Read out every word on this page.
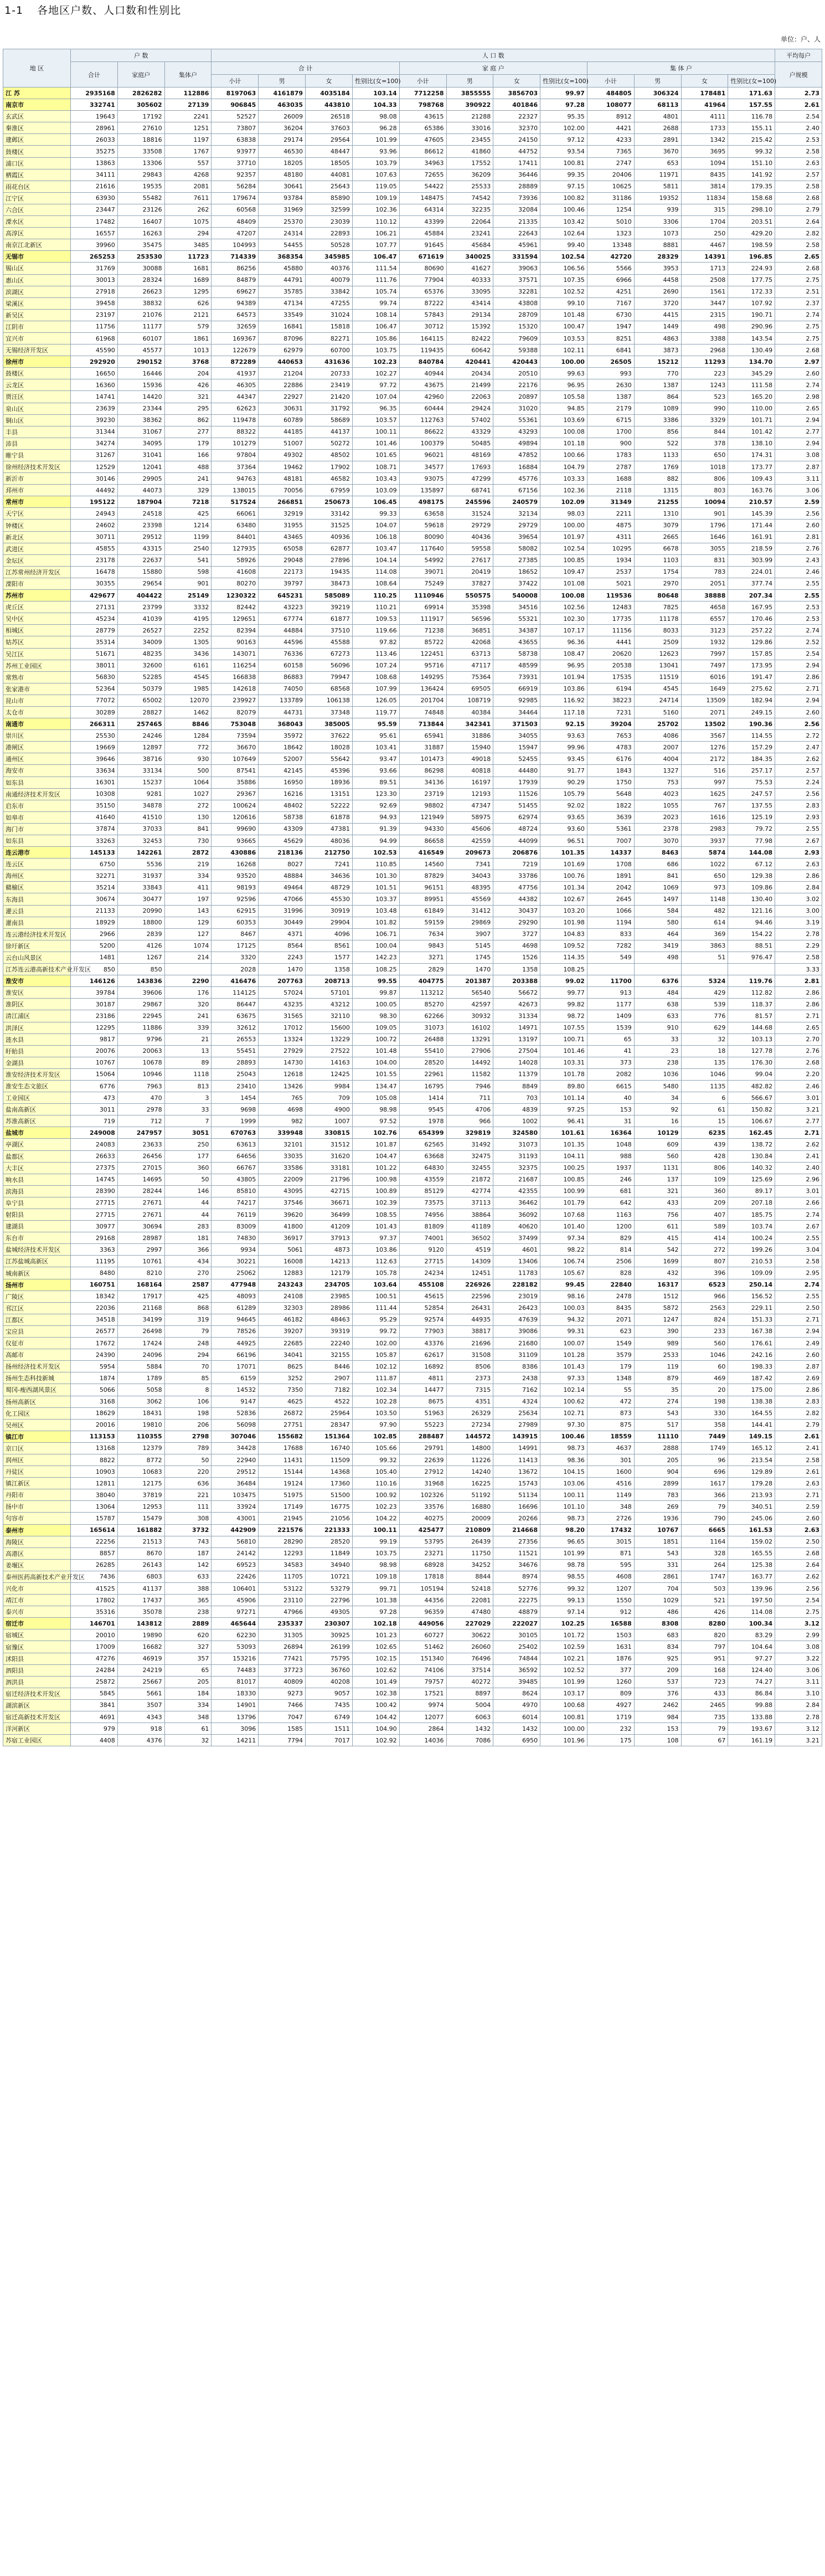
1-1 各地区户数、人口数和性别比
单位：户、人
地 区	户 数			人 口 数												平均每户
	合计	家庭户	集体户	合 计				家 庭 户				集 体 户				户规模
				小计	男	女	性别比(女=100)	小计	男	女	性别比(女=100)	小计	男	女	性别比(女=100)	
江 苏	2935168	2826282	112886	8197063	4161879	4035184	103.14	7712258	3855555	3856703	99.97	484805	306324	178481	171.63	2.73
南京市	332741	305602	27139	906845	463035	443810	104.33	798768	390922	401846	97.28	108077	68113	41964	157.55	2.61
玄武区	19643	17192	2241	52527	26009	26518	98.08	43615	21288	22327	95.35	8912	4801	4111	116.78	2.54
秦淮区	28961	27610	1251	73807	36204	37603	96.28	65386	33016	32370	102.00	4421	2688	1733	155.11	2.40
建邺区	26033	18816	1197	63838	29174	29564	101.99	47605	23455	24150	97.12	4233	2891	1342	215.42	2.53
鼓楼区	35275	33508	1767	93977	46530	48447	93.96	86612	41860	44752	93.54	7365	3670	3695	99.32	2.58
浦口区	13863	13306	557	37710	18205	18505	103.79	34963	17552	17411	100.81	2747	653	1094	151.10	2.63
栖霞区	34111	29843	4268	92357	48180	44081	107.63	72655	36209	36446	99.35	20406	11971	8435	141.92	2.57
雨花台区	21616	19535	2081	56284	30641	25643	119.05	54422	25533	28889	97.15	10625	5811	3814	179.35	2.58
江宁区	63930	55482	7611	179674	93784	85890	109.19	148475	74542	73936	100.82	31186	19352	11834	158.68	2.68
六合区	23447	23126	262	60568	31969	32599	102.36	64314	32235	32084	100.46	1254	939	315	298.10	2.79
溧水区	17482	16407	1075	48409	25370	23039	110.12	43399	22064	21335	103.42	5010	3306	1704	203.51	2.64
高淳区	16557	16263	294	47207	24314	22893	106.21	45884	23241	22643	102.64	1323	1073	250	429.20	2.82
南京江北新区	39960	35475	3485	104993	54455	50528	107.77	91645	45684	45961	99.40	13348	8881	4467	198.59	2.58
无锡市	265253	253530	11723	714339	368354	345985	106.47	671619	340025	331594	102.54	42720	28329	14391	196.85	2.65
锡山区	31769	30088	1681	86256	45880	40376	111.54	80690	41627	39063	106.56	5566	3953	1713	224.93	2.68
惠山区	30013	28324	1689	84879	44791	40079	111.76	77904	40333	37571	107.35	6966	4458	2508	177.75	2.75
滨湖区	27918	26623	1295	69627	35785	33842	105.74	65376	33095	32281	102.52	4251	2690	1561	172.33	2.51
梁溪区	39458	38832	626	94389	47134	47255	99.74	87222	43414	43808	99.10	7167	3720	3447	107.92	2.37
新吴区	23197	21076	2121	64573	33549	31024	108.14	57843	29134	28709	101.48	6730	4415	2315	190.71	2.74
江阴市	11756	11177	579	32659	16841	15818	106.47	30712	15392	15320	100.47	1947	1449	498	290.96	2.75
宜兴市	61968	60107	1861	169367	87096	82271	105.86	164115	82422	79609	103.53	8251	4863	3388	143.54	2.75
无锡经济开发区	45590	45577	1013	122679	62979	60700	103.75	119435	60642	59388	102.11	6841	3873	2968	130.49	2.68
徐州市	292920	290152	3768	872289	440653	431636	102.23	840784	420441	420443	100.00	26505	15212	11293	134.70	2.97
鼓楼区	16650	16446	204	41937	21204	20733	102.27	40944	20434	20510	99.63	993	770	223	345.29	2.60
云龙区	16360	15936	426	46305	22886	23419	97.72	43675	21499	22176	96.95	2630	1387	1243	111.58	2.74
贾汪区	14741	14420	321	44347	22927	21420	107.04	42960	22063	20897	105.58	1387	864	523	165.20	2.98
泉山区	23639	23344	295	62623	30631	31792	96.35	60444	29424	31020	94.85	2179	1089	990	110.00	2.65
铜山区	39230	38362	862	119478	60789	58689	103.57	112763	57402	55361	103.69	6715	3386	3329	101.71	2.94
丰县	31344	31067	277	88322	44185	44137	100.11	86622	43329	43293	100.08	1700	856	844	101.42	2.77
沛县	34274	34095	179	101279	51007	50272	101.46	100379	50485	49894	101.18	900	522	378	138.10	2.94
睢宁县	31267	31041	166	97804	49302	48502	101.65	96021	48169	47852	100.66	1783	1133	650	174.31	3.08
徐州经济技术开发区	12529	12041	488	37364	19462	17902	108.71	34577	17693	16884	104.79	2787	1769	1018	173.77	2.87
新沂市	30146	29905	241	94763	48181	46582	103.43	93075	47299	45776	103.33	1688	882	806	109.43	3.11
邳州市	44492	44073	329	138015	70056	67959	103.09	135897	68741	67156	102.36	2118	1315	803	163.76	3.06
常州市	195122	187904	7218	517524	266851	250673	106.45	498175	245596	240579	102.09	31349	21255	10094	210.57	2.59
天宁区	24943	24518	425	66061	32919	33142	99.33	63658	31524	32134	98.03	2211	1310	901	145.39	2.56
钟楼区	24602	23398	1214	63480	31955	31525	104.07	59618	29729	29729	100.00	4875	3079	1796	171.44	2.60
新北区	30711	29512	1199	84401	43465	40936	106.18	80090	40436	39654	101.97	4311	2665	1646	161.91	2.81
武进区	45855	43315	2540	127935	65058	62877	103.47	117640	59558	58082	102.54	10295	6678	3055	218.59	2.76
金坛区	23178	22637	541	58926	29048	27896	104.14	54992	27617	27385	100.85	1934	1103	831	303.99	2.43
江苏常州经济开发区	16478	15880	598	41608	22173	19435	114.08	39071	20419	18652	109.47	2537	1754	783	224.01	2.46
溧阳市	30355	29654	901	80270	39797	38473	108.64	75249	37827	37422	101.08	5021	2970	2051	377.74	2.55
苏州市	429677	404422	25149	1230322	645231	585089	110.25	1110946	550575	540008	100.08	119536	80648	38888	207.34	2.55
虎丘区	27131	23799	3332	82442	43223	39219	110.21	69914	35398	34516	102.56	12483	7825	4658	167.95	2.53
吴中区	45234	41039	4195	129651	67774	61877	109.53	111917	56596	55321	102.30	17735	11178	6557	170.46	2.53
相城区	28779	26527	2252	82394	44884	37510	119.66	71238	36851	34387	107.17	11156	8033	3123	257.22	2.74
姑苏区	35314	34009	1305	90163	44596	45588	97.82	85722	42068	43655	96.36	4441	2509	1932	129.86	2.52
吴江区	51671	48235	3436	143071	76336	67273	113.46	122451	63713	58738	108.47	20620	12623	7997	157.85	2.54
苏州工业园区	38011	32600	6161	116254	60158	56096	107.24	95716	47117	48599	96.95	20538	13041	7497	173.95	2.94
常熟市	56830	52285	4545	166838	86883	79947	108.68	149295	75364	73931	101.94	17535	11519	6016	191.47	2.86
张家港市	52364	50379	1985	142618	74050	68568	107.99	136424	69505	66919	103.86	6194	4545	1649	275.62	2.71
昆山市	77072	65002	12070	239927	133789	106138	126.05	201704	108719	92985	116.92	38223	24714	13509	182.94	2.94
太仓市	30289	28827	1462	82079	44731	37348	119.77	74848	40384	34464	117.18	7231	5160	2071	249.15	2.60
南通市	266311	257465	8846	753048	368043	385005	95.59	713844	342341	371503	92.15	39204	25702	13502	190.36	2.56
崇川区	25530	24246	1284	73594	35972	37622	95.61	65941	31886	34055	93.63	7653	4086	3567	114.55	2.72
港闸区	19669	12897	772	36670	18642	18028	103.41	31887	15940	15947	99.96	4783	2007	1276	157.29	2.47
通州区	39646	38716	930	107649	52007	55642	93.47	101473	49018	52455	93.45	6176	4004	2172	184.35	2.62
海安市	33634	33134	500	87541	42145	45396	93.66	86298	40818	44480	91.77	1843	1327	516	257.17	2.57
如东县	16301	15237	1064	35886	16950	18936	89.51	34136	16197	17939	90.29	1750	753	997	75.53	2.24
南通经济技术开发区	10308	9281	1027	29367	16216	13151	123.30	23719	12193	11526	105.79	5648	4023	1625	247.57	2.56
启东市	35150	34878	272	100624	48402	52222	92.69	98802	47347	51455	92.02	1822	1055	767	137.55	2.83
如皋市	41640	41510	130	120616	58738	61878	94.93	121949	58975	62974	93.65	3639	2023	1616	125.19	2.93
海门市	37874	37033	841	99690	43309	47381	91.39	94330	45606	48724	93.60	5361	2378	2983	79.72	2.55
如东县	33263	32453	730	93665	45629	48036	94.99	86658	42559	44099	96.51	7007	3070	3937	77.98	2.67
连云港市	145133	142261	2872	430886	218136	212750	102.53	416549	209673	206876	101.35	14337	8463	5874	144.08	2.93
连云区	6750	5536	219	16268	8027	7241	110.85	14560	7341	7219	101.69	1708	686	1022	67.12	2.63
海州区	32271	31937	334	93520	48884	34636	101.30	87829	34043	33786	100.76	1891	841	650	129.38	2.86
赣榆区	35214	33843	411	98193	49464	48729	101.51	96151	48395	47756	101.34	2042	1069	973	109.86	2.84
东海县	30674	30477	197	92596	47066	45530	103.37	89951	45569	44382	102.67	2645	1497	1148	130.40	3.02
灌云县	21133	20990	143	62915	31996	30919	103.48	61849	31412	30437	103.20	1066	584	482	121.16	3.00
灌南县	18929	18800	129	60353	30449	29904	101.82	59159	29869	29290	101.98	1194	580	614	94.46	3.19
连云港经济技术开发区	2966	2839	127	8467	4371	4096	106.71	7634	3907	3727	104.83	833	464	369	154.22	2.78
徐圩新区	5200	4126	1074	17125	8564	8561	100.04	9843	5145	4698	109.52	7282	3419	3863	88.51	2.29
云台山风景区	1481	1267	214	3320	2243	1577	142.23	3271	1745	1526	114.35	549	498	51	976.47	2.58
江苏连云港高新技术产业开发区	850	850		2028	1470	1358	108.25	2829	1470	1358	108.25					3.33
淮安市	146126	143836	2290	416476	207763	208713	99.55	404775	201387	203388	99.02	11700	6376	5324	119.76	2.81
淮安区	39784	39606	176	114125	57024	57101	99.87	113212	56540	56672	99.77	913	484	429	112.82	2.86
淮阴区	30187	29867	320	86447	43235	43212	100.05	85270	42597	42673	99.82	1177	638	539	118.37	2.86
清江浦区	23186	22945	241	63675	31565	32110	98.30	62266	30932	31334	98.72	1409	633	776	81.57	2.71
洪泽区	12295	11886	339	32612	17012	15600	109.05	31073	16102	14971	107.55	1539	910	629	144.68	2.65
涟水县	9817	9796	21	26553	13324	13229	100.72	26488	13291	13197	100.71	65	33	32	103.13	2.70
盱眙县	20076	20063	13	55451	27929	27522	101.48	55410	27906	27504	101.46	41	23	18	127.78	2.76
金湖县	10767	10678	89	28893	14730	14163	104.00	28520	14492	14028	103.31	373	238	135	176.30	2.68
淮安经济技术开发区	15064	10946	1118	25043	12618	12425	101.55	22961	11582	11379	101.78	2082	1036	1046	99.04	2.20
淮安生态文旅区	6776	7963	813	23410	13426	9984	134.47	16795	7946	8849	89.80	6615	5480	1135	482.82	2.46
工业园区	473	470	3	1454	765	709	105.08	1414	711	703	101.14	40	34	6	566.67	3.01
盐南高新区	3011	2978	33	9698	4698	4900	98.98	9545	4706	4839	97.25	153	92	61	150.82	3.21
苏淮高新区	719	712	7	1999	982	1007	97.52	1978	966	1002	96.41	31	16	15	106.67	2.77
盐城市	249008	247957	3051	670763	339948	330815	102.76	654399	329819	324580	101.61	16364	10129	6235	162.45	2.71
亭湖区	24083	23633	250	63613	32101	31512	101.87	62565	31492	31073	101.35	1048	609	439	138.72	2.62
盐都区	26633	26456	177	64656	33035	31620	104.47	63668	32475	31193	104.11	988	560	428	130.84	2.41
大丰区	27375	27015	360	66767	33586	33181	101.22	64830	32455	32375	100.25	1937	1131	806	140.32	2.40
响水县	14745	14695	50	43805	22009	21796	100.98	43559	21872	21687	100.85	246	137	109	125.69	2.96
滨海县	28390	28244	146	85810	43095	42715	100.89	85129	42774	42355	100.99	681	321	360	89.17	3.01
阜宁县	27715	27671	44	74217	37546	36671	102.39	73575	37113	36462	101.79	642	433	209	207.18	2.66
射阳县	27715	27671	44	76119	39620	36499	108.55	74956	38864	36092	107.68	1163	756	407	185.75	2.74
建湖县	30977	30694	283	83009	41800	41209	101.43	81809	41189	40620	101.40	1200	611	589	103.74	2.67
东台市	29168	28987	181	74830	36917	37913	97.37	74001	36502	37499	97.34	829	415	414	100.24	2.55
盐城经济技术开发区	3363	2997	366	9934	5061	4873	103.86	9120	4519	4601	98.22	814	542	272	199.26	3.04
江苏盐城高新区	11195	10761	434	30221	16008	14213	112.63	27715	14309	13406	106.74	2506	1699	807	210.53	2.58
城南新区	8480	8210	270	25062	12883	12179	105.78	24234	12451	11783	105.67	828	432	396	109.09	2.95
扬州市	160751	168164	2587	477948	243243	234705	103.64	455108	226926	228182	99.45	22840	16317	6523	250.14	2.74
广陵区	18342	17917	425	48093	24108	23985	100.51	45615	22596	23019	98.16	2478	1512	966	156.52	2.55
邗江区	22036	21168	868	61289	32303	28986	111.44	52854	26431	26423	100.03	8435	5872	2563	229.11	2.50
江都区	34518	34199	319	94645	46182	48463	95.29	92574	44935	47639	94.32	2071	1247	824	151.33	2.71
宝应县	26577	26498	79	78526	39207	39319	99.72	77903	38817	39086	99.31	623	390	233	167.38	2.94
仪征市	17672	17424	248	44925	22685	22240	102.00	43376	21696	21680	100.07	1549	989	560	176.61	2.49
高邮市	24390	24096	294	66196	34041	32155	105.87	62617	31508	31109	101.28	3579	2533	1046	242.16	2.60
扬州经济技术开发区	5954	5884	70	17071	8625	8446	102.12	16892	8506	8386	101.43	179	119	60	198.33	2.87
扬州生态科技新城	1874	1789	85	6159	3252	2907	111.87	4811	2373	2438	97.33	1348	879	469	187.42	2.69
蜀冈-瘦西湖风景区	5066	5058	8	14532	7350	7182	102.34	14477	7315	7162	102.14	55	35	20	175.00	2.86
扬州高新区	3168	3062	106	9147	4625	4522	102.28	8675	4351	4324	100.62	472	274	198	138.38	2.83
化工园区	18629	18431	198	52836	26872	25964	103.50	51963	26329	25634	102.71	873	543	330	164.55	2.82
吴州区	20016	19810	206	56098	27751	28347	97.90	55223	27234	27989	97.30	875	517	358	144.41	2.79
镇江市	113153	110355	2798	307046	155682	151364	102.85	288487	144572	143915	100.46	18559	11110	7449	149.15	2.61
京口区	13168	12379	789	34428	17688	16740	105.66	29791	14800	14991	98.73	4637	2888	1749	165.12	2.41
润州区	8822	8772	50	22940	11431	11509	99.32	22639	11226	11413	98.36	301	205	96	213.54	2.58
丹徒区	10903	10683	220	29512	15144	14368	105.40	27912	14240	13672	104.15	1600	904	696	129.89	2.61
镇江新区	12811	12175	636	36484	19124	17360	110.16	31968	16225	15743	103.06	4516	2899	1617	179.28	2.63
丹阳市	38040	37819	221	103475	51975	51500	100.92	102326	51192	51134	100.11	1149	783	366	213.93	2.71
扬中市	13064	12953	111	33924	17149	16775	102.23	33576	16880	16696	101.10	348	269	79	340.51	2.59
句容市	15787	15479	308	43001	21945	21056	104.22	40275	20009	20266	98.73	2726	1936	790	245.06	2.60
泰州市	165614	161882	3732	442909	221576	221333	100.11	425477	210809	214668	98.20	17432	10767	6665	161.53	2.63
海陵区	22256	21513	743	56810	28290	28520	99.19	53795	26439	27356	96.65	3015	1851	1164	159.02	2.50
高港区	8857	8670	187	24142	12293	11849	103.75	23271	11750	11521	101.99	871	543	328	165.55	2.68
姜堰区	26285	26143	142	69523	34583	34940	98.98	68928	34252	34676	98.78	595	331	264	125.38	2.64
泰州医药高新技术产业开发区	7436	6803	633	22426	11705	10721	109.18	17818	8844	8974	98.55	4608	2861	1747	163.77	2.62
兴化市	41525	41137	388	106401	53122	53279	99.71	105194	52418	52776	99.32	1207	704	503	139.96	2.56
靖江市	17802	17437	365	45906	23110	22796	101.38	44356	22081	22275	99.13	1550	1029	521	197.50	2.54
泰兴市	35316	35078	238	97271	47966	49305	97.28	96359	47480	48879	97.14	912	486	426	114.08	2.75
宿迁市	146701	143812	2889	465644	235337	230307	102.18	449056	227029	222027	102.25	16588	8308	8280	100.34	3.12
宿城区	20010	19890	620	62230	31305	30925	101.23	60727	30622	30105	101.72	1503	683	820	83.29	2.99
宿豫区	17009	16682	327	53093	26894	26199	102.65	51462	26060	25402	102.59	1631	834	797	104.64	3.08
沭阳县	47276	46919	357	153216	77421	75795	102.15	151340	76496	74844	102.21	1876	925	951	97.27	3.22
泗阳县	24284	24219	65	74483	37723	36760	102.62	74106	37514	36592	102.52	377	209	168	124.40	3.06
泗洪县	25872	25667	205	81017	40809	40208	101.49	79757	40272	39485	101.99	1260	537	723	74.27	3.11
宿迁经济技术开发区	5845	5661	184	18330	9273	9057	102.38	17521	8897	8624	103.17	809	376	433	86.84	3.10
湖滨新区	3841	3507	334	14901	7466	7435	100.42	9974	5004	4970	100.68	4927	2462	2465	99.88	2.84
宿迁高新技术开发区	4691	4343	348	13796	7047	6749	104.42	12077	6063	6014	100.81	1719	984	735	133.88	2.78
洋河新区	979	918	61	3096	1585	1511	104.90	2864	1432	1432	100.00	232	153	79	193.67	3.12
苏宿工业园区	4408	4376	32	14211	7794	7017	102.92	14036	7086	6950	101.96	175	108	67	161.19	3.21
